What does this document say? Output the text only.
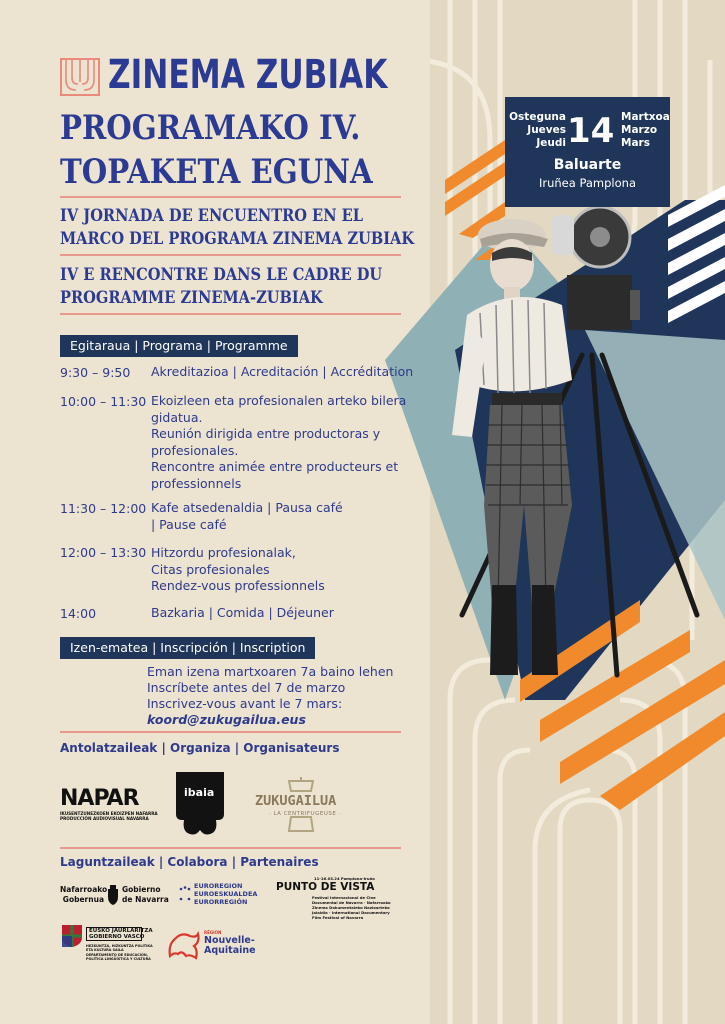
Osteguna
Jueves
Jeudi 14 Martxoa
Marzo
Mars
Baluarte
Iruñea Pamplona
ZINEMA ZUBIAK
PROGRAMAKO IV.
TOPAKETA EGUNA
IV JORNADA DE ENCUENTRO EN EL
MARCO DEL PROGRAMA ZINEMA ZUBIAK
IV E RENCONTRE DANS LE CADRE DU
PROGRAMME ZINEMA-ZUBIAK
Egitaraua | Programa | Programme
9:30 – 9:50 Akreditazioa | Acreditación | Accréditation
10:00 – 11:30 Ekoizleen eta profesionalen arteko bilera gidatua.
Reunión dirigida entre productoras y profesionales.
Rencontre animée entre producteurs et professionnels
11:30 – 12:00 Kafe atsedenaldia | Pausa café
| Pause café
12:00 – 13:30 Hitzordu profesionalak,
Citas profesionales
Rendez-vous professionnels
14:00	Bazkaria | Comida | Déjeuner
Izen-ematea | Inscripción | Inscription
Eman izena martxoaren 7a baino lehen
Inscríbete antes del 7 de marzo
Inscrivez-vous avant le 7 mars:
koord@zukugailua.eus
Antolatzaileak | Organiza | Organisateurs
NAPAR
IKUSENTZUNEZKOEN EKOIZPEN NAFARRA
PRODUCCIÓN AUDIOVISUAL NAVARRA
ibaia
ZUKUGAILUA
· LA CENTRIFUGEUSE ·
Laguntzaileak | Colabora | Partenaires
Nafarroako
Gobernua
Gobierno
de Navarra
EUROREGION
EUROESKUALDEA
EURORREGIÓN
11-16.03.24 Pamplona-Iruña
PUNTO DE VISTA
Festival Internacional de Cine
Documental de Navarra · Nafarroako
Zinema Dokumentaleko Nazioarteko
Jaialdia · International Documentary
Film Festival of Navarra
EUSKO JAURLARITZA
GOBIERNO VASCO
HEZKUNTZA, HIZKUNTZA POLITIKA
ETA KULTURA SAILA
DEPARTAMENTO DE EDUCACIÓN,
POLÍTICA LINGÜÍSTICA Y CULTURA
RÉGION
Nouvelle-
Aquitaine
